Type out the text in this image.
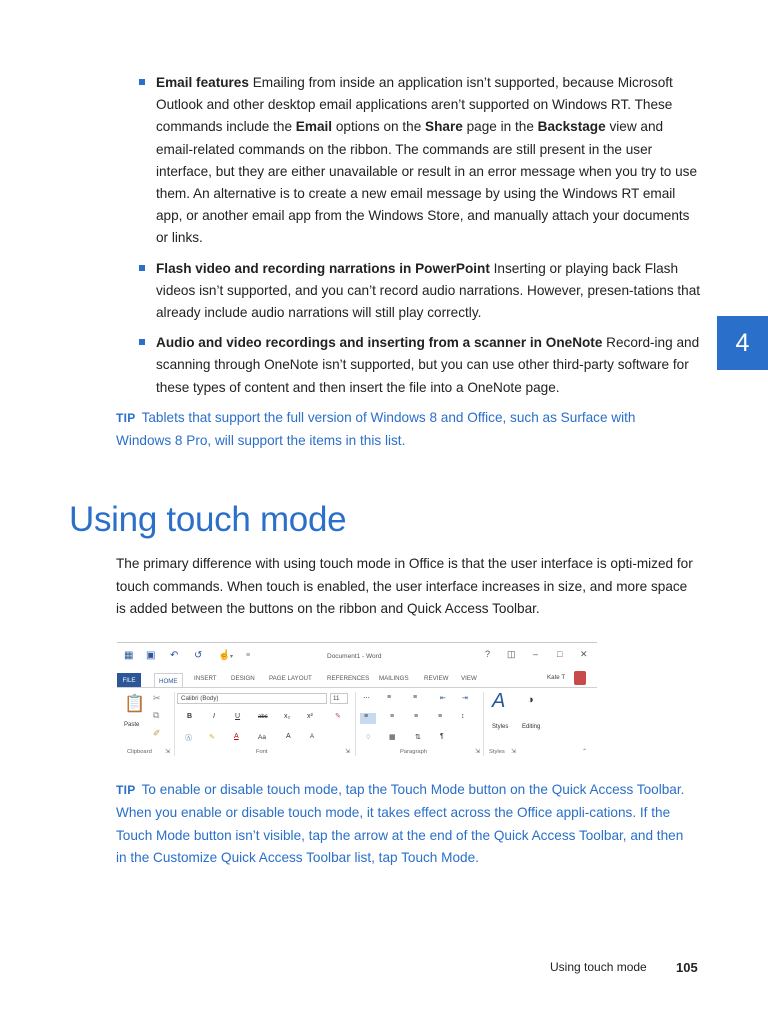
Email features Emailing from inside an application isn’t supported, because Microsoft Outlook and other desktop email applications aren’t supported on Windows RT. These commands include the Email options on the Share page in the Backstage view and email-related commands on the ribbon. The commands are still present in the user interface, but they are either unavailable or result in an error message when you try to use them. An alternative is to create a new email message by using the Windows RT email app, or another email app from the Windows Store, and manually attach your documents or links.
Flash video and recording narrations in PowerPoint Inserting or playing back Flash videos isn’t supported, and you can’t record audio narrations. However, presen-tations that already include audio narrations will still play correctly.
Audio and video recordings and inserting from a scanner in OneNote Record-ing and scanning through OneNote isn’t supported, but you can use other third-party software for these types of content and then insert the file into a OneNote page.
4
TIP Tablets that support the full version of Windows 8 and Office, such as Surface with Windows 8 Pro, will support the items in this list.
Using touch mode

The primary difference with using touch mode in Office is that the user interface is opti-mized for touch commands. When touch is enabled, the user interface increases in size, and more space is added between the buttons on the ribbon and Quick Access Toolbar.

▦ ▣ ↶ ↺ ☝ ▾ ≡	Document1 - Word	? ◫ – □ ✕
FILE	HOME	INSERT DESIGN PAGE LAYOUT REFERENCES MAILINGS REVIEW VIEW	Kate T
📋
Paste
✂
⧉
✐
Clipboard ⇲
Calibri (Body)	11
B	I	U	abc x₂ x²	✎
Ⓐ ✎	A	Aa	A	A
Font	⇲
⋯ ≡	≡	⇤ ⇥
≡	≡	≡	≡	↕
♢	▦	⇅	¶
Paragraph	⇲
A
Styles
◑
Editing
Styles ⇲	⌃
TIP To enable or disable touch mode, tap the Touch Mode button on the Quick Access Toolbar. When you enable or disable touch mode, it takes effect across the Office appli-cations. If the Touch Mode button isn’t visible, tap the arrow at the end of the Quick Access Toolbar, and then in the Customize Quick Access Toolbar list, tap Touch Mode.
Using touch mode 105
